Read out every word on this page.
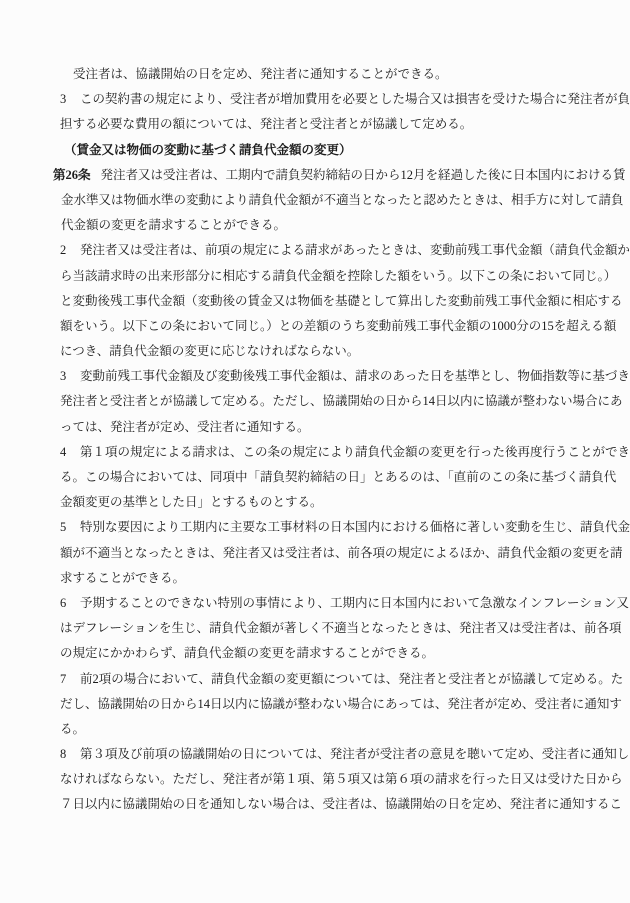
受注者は、協議開始の日を定め、発注者に通知することができる。
3 この契約書の規定により、受注者が増加費用を必要とした場合又は損害を受けた場合に発注者が負
担する必要な費用の額については、発注者と受注者とが協議して定める。
（賃金又は物価の変動に基づく請負代金額の変更）
第26条 発注者又は受注者は、工期内で請負契約締結の日から12月を経過した後に日本国内における賃
金水準又は物価水準の変動により請負代金額が不適当となったと認めたときは、相手方に対して請負
代金額の変更を請求することができる。
2 発注者又は受注者は、前項の規定による請求があったときは、変動前残工事代金額（請負代金額か
ら当該請求時の出来形部分に相応する請負代金額を控除した額をいう。以下この条において同じ。）
と変動後残工事代金額（変動後の賃金又は物価を基礎として算出した変動前残工事代金額に相応する
額をいう。以下この条において同じ。）との差額のうち変動前残工事代金額の1000分の15を超える額
につき、請負代金額の変更に応じなければならない。
3 変動前残工事代金額及び変動後残工事代金額は、請求のあった日を基準とし、物価指数等に基づき
発注者と受注者とが協議して定める。ただし、協議開始の日から14日以内に協議が整わない場合にあ
っては、発注者が定め、受注者に通知する。
4 第１項の規定による請求は、この条の規定により請負代金額の変更を行った後再度行うことができ
る。この場合においては、同項中「請負契約締結の日」とあるのは、「直前のこの条に基づく請負代
金額変更の基準とした日」とするものとする。
5 特別な要因により工期内に主要な工事材料の日本国内における価格に著しい変動を生じ、請負代金
額が不適当となったときは、発注者又は受注者は、前各項の規定によるほか、請負代金額の変更を請
求することができる。
6 予期することのできない特別の事情により、工期内に日本国内において急激なインフレーション又
はデフレーションを生じ、請負代金額が著しく不適当となったときは、発注者又は受注者は、前各項
の規定にかかわらず、請負代金額の変更を請求することができる。
7 前2項の場合において、請負代金額の変更額については、発注者と受注者とが協議して定める。た
だし、協議開始の日から14日以内に協議が整わない場合にあっては、発注者が定め、受注者に通知す
る。
8 第３項及び前項の協議開始の日については、発注者が受注者の意見を聴いて定め、受注者に通知し
なければならない。ただし、発注者が第１項、第５項又は第６項の請求を行った日又は受けた日から
７日以内に協議開始の日を通知しない場合は、受注者は、協議開始の日を定め、発注者に通知するこ
